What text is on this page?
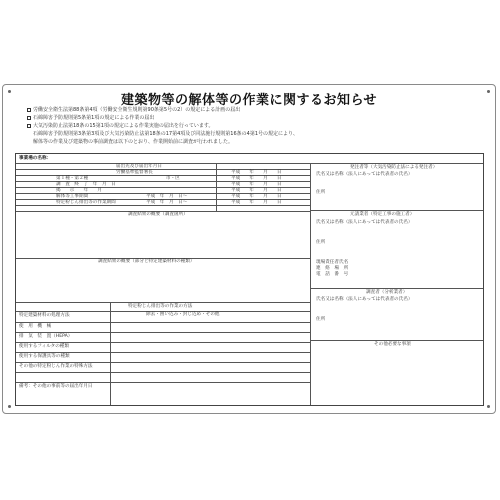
建築物等の解体等の作業に関するお知らせ
労働安全衛生法第88条第4項（労働安全衛生規則第90条第5号の2）の規定による計画の届出
石綿障害予防規則第5条第1項の規定による作業の届出
大気汚染防止法第18条の15第1項の規定による作業実施の届出を行っています。
石綿障害予防規則第3条第3項及び大気汚染防止法第18条の17第4項及び同法施行規則第16条の4第1号の規定により、
解体等の作業及び建築物の事前調査は以下のとおり、作業開始前に調査が行われました。
事業場の名称：
届出先及び届出年月日
労働基準監督署長	平成　　年　　月　　日
第１種・第２種	市・区	平成　　年　　月　　日
調　査　終　了　年　月　日	平成　　年　　月　　日
掲　　示　　年　　月	平成　　年　　月　　日
解体等工事期間	平成　年　月　日〜	平成　　年　　月　　日
特定粉じん排出等の作業期間	平成　年　月　日〜	平成　　年　　月　　日
調査結果の概要（調査箇所）
調査結果の概要（部分と特定建築材料の種類）
特定粉じん排出等の作業の方法
除去・囲い込み・封じ込め・その他
特定建築材料の処理方法
使　用　機　械
排　気　装　置（HEPA）
使用するフィルタの種類
使用する保護具等の種類
その他の特定粉じん作業の特殊方法
備考：その他の事前等の届出年月日
発注者等（大気汚染防止法による発注者）
氏名又は名称（法人にあっては代表者の氏名）
住所
元請業者（特定工事の施工者）
氏名又は名称（法人にあっては代表者の氏名）
住所
現場責任者氏名
連　絡　場　所
電　話　番　号
調査者（分析業者）
氏名又は名称（法人にあっては代表者の氏名）
住所
その他必要な事項
